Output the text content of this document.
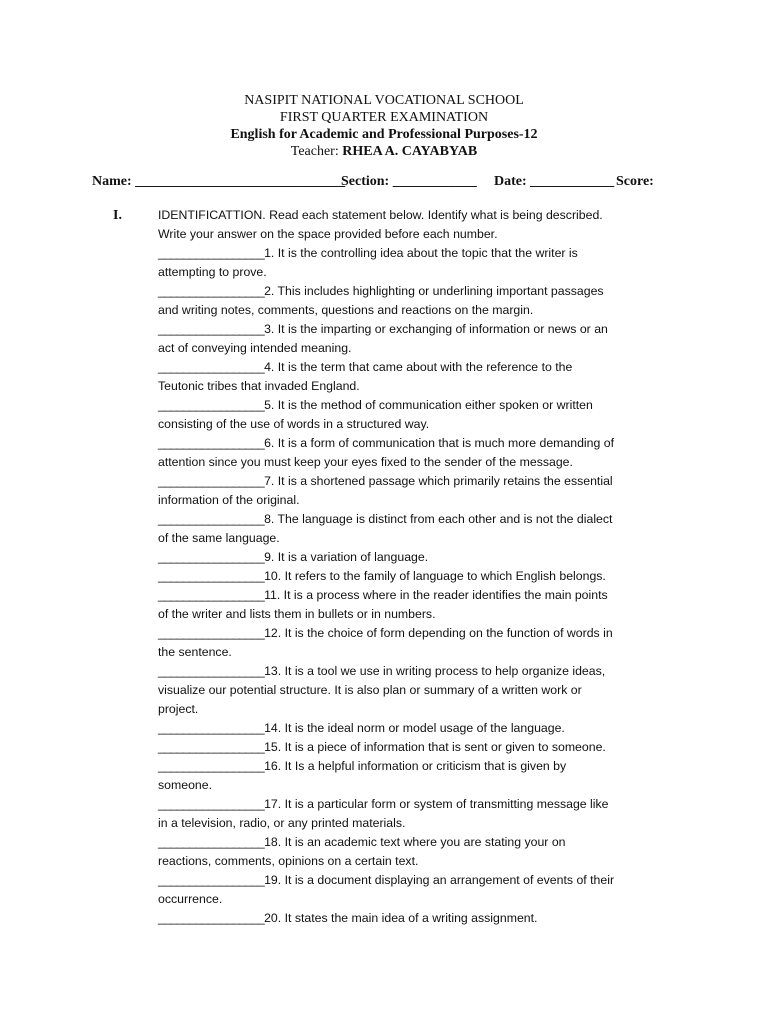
NASIPIT NATIONAL VOCATIONAL SCHOOL
FIRST QUARTER EXAMINATION
English for Academic and Professional Purposes-12
Teacher: RHEA A. CAYABYAB
Name: ______________________________
Section: ____________ Date: ____________ Score:
I.	IDENTIFICATTION. Read each statement below. Identify what is being described.
Write your answer on the space provided before each number.
_________________1. It is the controlling idea about the topic that the writer is
attempting to prove.
_________________2. This includes highlighting or underlining important passages
and writing notes, comments, questions and reactions on the margin.
_________________3. It is the imparting or exchanging of information or news or an
act of conveying intended meaning.
_________________4. It is the term that came about with the reference to the
Teutonic tribes that invaded England.
_________________5. It is the method of communication either spoken or written
consisting of the use of words in a structured way.
_________________6. It is a form of communication that is much more demanding of
attention since you must keep your eyes fixed to the sender of the message.
_________________7. It is a shortened passage which primarily retains the essential
information of the original.
_________________8. The language is distinct from each other and is not the dialect
of the same language.
_________________9. It is a variation of language.
_________________10. It refers to the family of language to which English belongs.
_________________11. It is a process where in the reader identifies the main points
of the writer and lists them in bullets or in numbers.
_________________12. It is the choice of form depending on the function of words in
the sentence.
_________________13. It is a tool we use in writing process to help organize ideas,
visualize our potential structure. It is also plan or summary of a written work or
project.
_________________14. It is the ideal norm or model usage of the language.
_________________15. It is a piece of information that is sent or given to someone.
_________________16. It Is a helpful information or criticism that is given by
someone.
_________________17. It is a particular form or system of transmitting message like
in a television, radio, or any printed materials.
_________________18. It is an academic text where you are stating your on
reactions, comments, opinions on a certain text.
_________________19. It is a document displaying an arrangement of events of their
occurrence.
_________________20. It states the main idea of a writing assignment.
